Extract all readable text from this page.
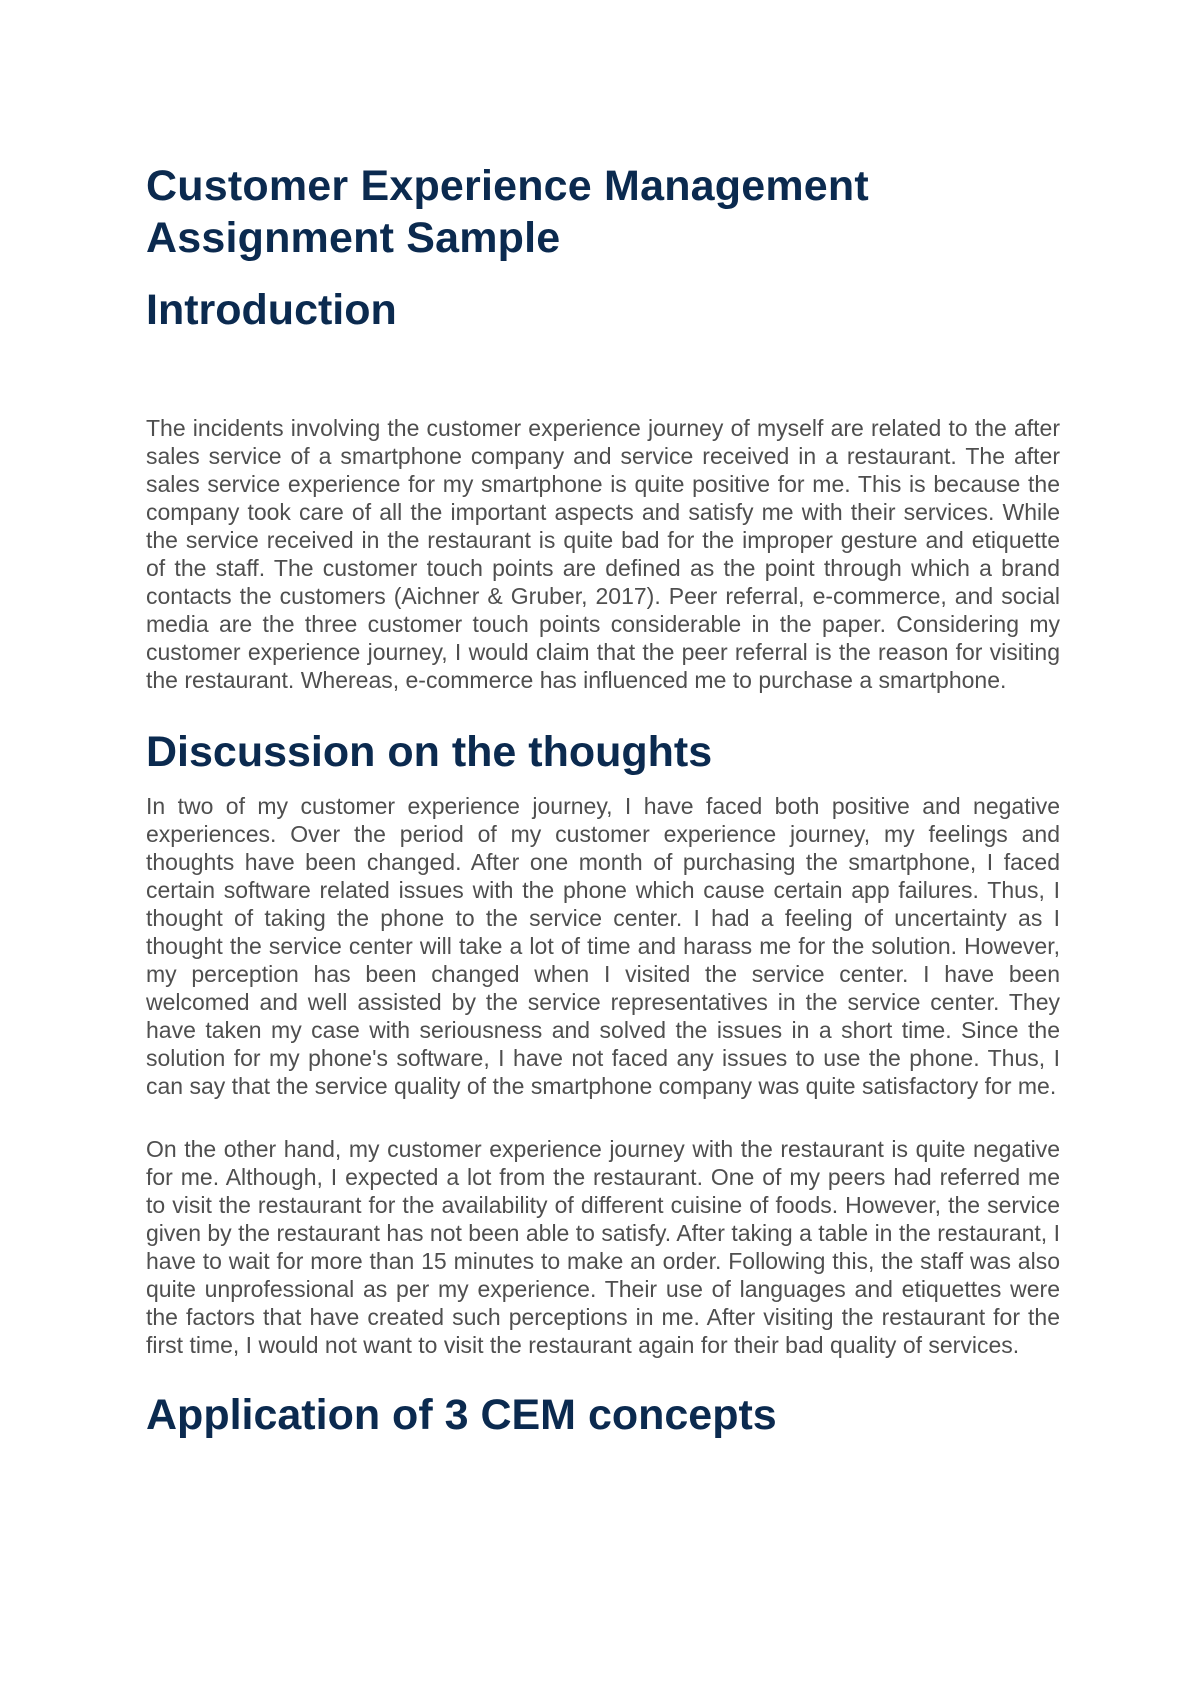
Customer Experience Management Assignment Sample
Introduction

The incidents involving the customer experience journey of myself are related to the after sales service of a smartphone company and service received in a restaurant. The after sales service experience for my smartphone is quite positive for me. This is because the company took care of all the important aspects and satisfy me with their services. While the service received in the restaurant is quite bad for the improper gesture and etiquette of the staff. The customer touch points are defined as the point through which a brand contacts the customers (Aichner & Gruber, 2017). Peer referral, e-commerce, and social media are the three customer touch points considerable in the paper. Considering my customer experience journey, I would claim that the peer referral is the reason for visiting the restaurant. Whereas, e-commerce has influenced me to purchase a smartphone.

Discussion on the thoughts

In two of my customer experience journey, I have faced both positive and negative experiences. Over the period of my customer experience journey, my feelings and thoughts have been changed. After one month of purchasing the smartphone, I faced certain software related issues with the phone which cause certain app failures. Thus, I thought of taking the phone to the service center. I had a feeling of uncertainty as I thought the service center will take a lot of time and harass me for the solution. However, my perception has been changed when I visited the service center. I have been welcomed and well assisted by the service representatives in the service center. They have taken my case with seriousness and solved the issues in a short time. Since the solution for my phone's software, I have not faced any issues to use the phone. Thus, I can say that the service quality of the smartphone company was quite satisfactory for me.

On the other hand, my customer experience journey with the restaurant is quite negative for me. Although, I expected a lot from the restaurant. One of my peers had referred me to visit the restaurant for the availability of different cuisine of foods. However, the service given by the restaurant has not been able to satisfy. After taking a table in the restaurant, I have to wait for more than 15 minutes to make an order. Following this, the staff was also quite unprofessional as per my experience. Their use of languages and etiquettes were the factors that have created such perceptions in me. After visiting the restaurant for the first time, I would not want to visit the restaurant again for their bad quality of services.

Application of 3 CEM concepts
